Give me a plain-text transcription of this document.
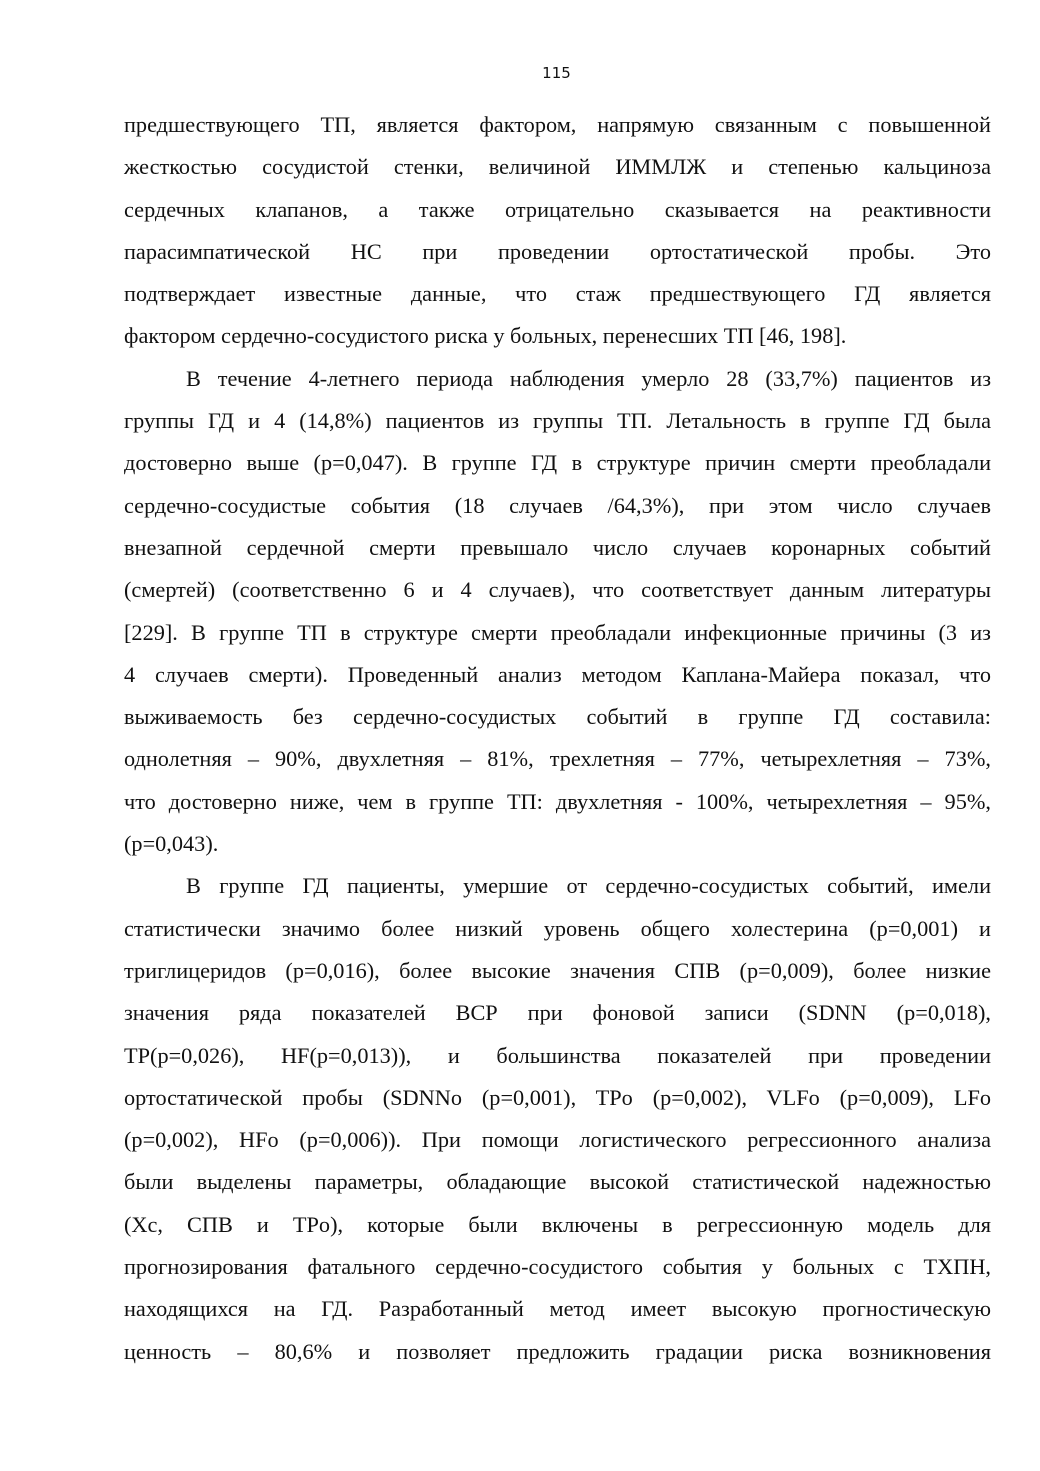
115
предшествующего ТП, является фактором, напрямую связанным с повышенной
жесткостью сосудистой стенки, величиной ИММЛЖ и степенью кальциноза
сердечных клапанов, а также отрицательно сказывается на реактивности
парасимпатической НС при проведении ортостатической пробы. Это
подтверждает известные данные, что стаж предшествующего ГД является
фактором сердечно-сосудистого риска у больных, перенесших ТП [46, 198].
В течение 4-летнего периода наблюдения умерло 28 (33,7%) пациентов из
группы ГД и 4 (14,8%) пациентов из группы ТП. Летальность в группе ГД была
достоверно выше (p=0,047). В группе ГД в структуре причин смерти преобладали
сердечно-сосудистые события (18 случаев /64,3%), при этом число случаев
внезапной сердечной смерти превышало число случаев коронарных событий
(смертей) (соответственно 6 и 4 случаев), что соответствует данным литературы
[229]. В группе ТП в структуре смерти преобладали инфекционные причины (3 из
4 случаев смерти). Проведенный анализ методом Каплана-Майера показал, что
выживаемость без сердечно-сосудистых событий в группе ГД составила:
однолетняя – 90%, двухлетняя – 81%, трехлетняя – 77%, четырехлетняя – 73%,
что достоверно ниже, чем в группе ТП: двухлетняя - 100%, четырехлетняя – 95%,
(p=0,043).
В группе ГД пациенты, умершие от сердечно-сосудистых событий, имели
статистически значимо более низкий уровень общего холестерина (p=0,001) и
триглицеридов (p=0,016), более высокие значения СПВ (p=0,009), более низкие
значения ряда показателей ВСР при фоновой записи (SDNN (p=0,018),
TP(p=0,026), HF(p=0,013)), и большинства показателей при проведении
ортостатической пробы (SDNNo (p=0,001), TPo (p=0,002), VLFo (p=0,009), LFo
(p=0,002), HFo (p=0,006)). При помощи логистического регрессионного анализа
были выделены параметры, обладающие высокой статистической надежностью
(Xc, СПВ и TPo), которые были включены в регрессионную модель для
прогнозирования фатального сердечно-сосудистого события у больных с ТХПН,
находящихся на ГД. Разработанный метод имеет высокую прогностическую
ценность – 80,6% и позволяет предложить градации риска возникновения
